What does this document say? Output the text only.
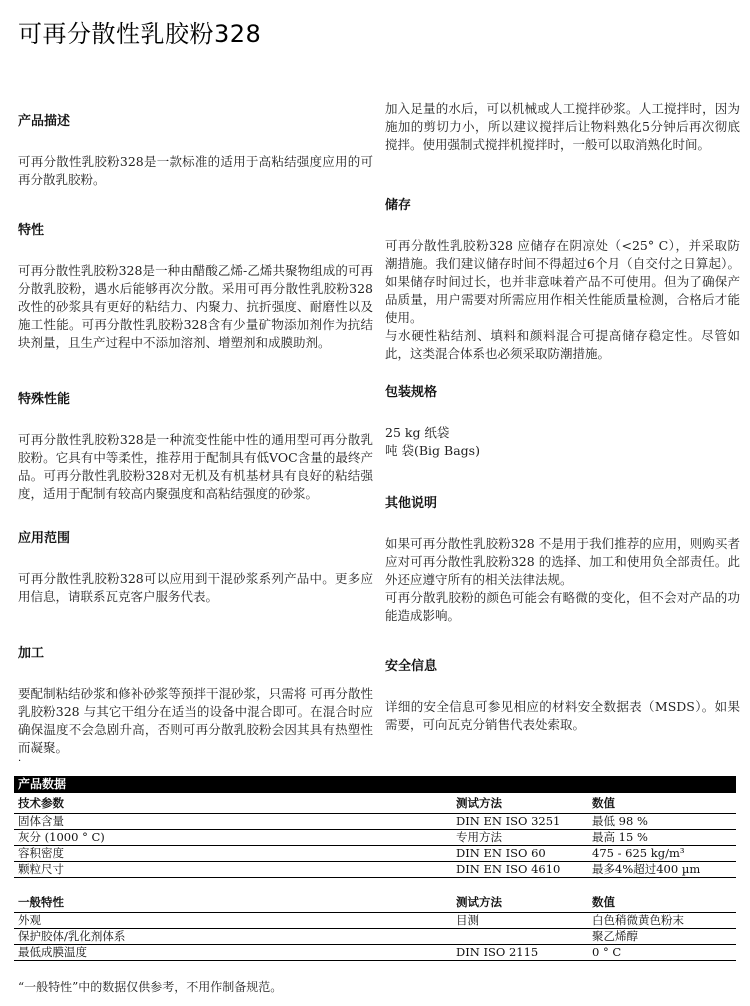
可再分散性乳胶粉328
产品描述

可再分散性乳胶粉328是一款标准的适用于高粘结强度应用的可再分散乳胶粉。

特性

可再分散性乳胶粉328是一种由醋酸乙烯-乙烯共聚物组成的可再分散乳胶粉，遇水后能够再次分散。采用可再分散性乳胶粉328改性的砂浆具有更好的粘结力、内聚力、抗折强度、耐磨性以及施工性能。可再分散性乳胶粉328含有少量矿物添加剂作为抗结块剂量，且生产过程中不添加溶剂、增塑剂和成膜助剂。

特殊性能

可再分散性乳胶粉328是一种流变性能中性的通用型可再分散乳胶粉。它具有中等柔性，推荐用于配制具有低VOC含量的最终产品。可再分散性乳胶粉328对无机及有机基材具有良好的粘结强度，适用于配制有较高内聚强度和高粘结强度的砂浆。

应用范围

可再分散性乳胶粉328可以应用到干混砂浆系列产品中。更多应用信息，请联系瓦克客户服务代表。

加工

要配制粘结砂浆和修补砂浆等预拌干混砂浆，只需将 可再分散性乳胶粉328 与其它干组分在适当的设备中混合即可。在混合时应确保温度不会急剧升高，否则可再分散乳胶粉会因其具有热塑性而凝聚。

加入足量的水后，可以机械或人工搅拌砂浆。人工搅拌时，因为施加的剪切力小，所以建议搅拌后让物料熟化5分钟后再次彻底搅拌。使用强制式搅拌机搅拌时，一般可以取消熟化时间。

储存

可再分散性乳胶粉328 应储存在阴凉处（<25° C），并采取防潮措施。我们建议储存时间不得超过6个月（自交付之日算起）。如果储存时间过长，也并非意味着产品不可使用。但为了确保产品质量，用户需要对所需应用作相关性能质量检测，合格后才能使用。

与水硬性粘结剂、填料和颜料混合可提高储存稳定性。尽管如此，这类混合体系也必须采取防潮措施。

包装规格

25 kg 纸袋

吨 袋(Big Bags)

其他说明

如果可再分散性乳胶粉328 不是用于我们推荐的应用，则购买者应对可再分散性乳胶粉328 的选择、加工和使用负全部责任。此外还应遵守所有的相关法律法规。

可再分散乳胶粉的颜色可能会有略微的变化，但不会对产品的功能造成影响。

安全信息

详细的安全信息可参见相应的材料安全数据表（MSDS）。如果需要，可向瓦克分销售代表处索取。

·
产品数据
技术参数	测试方法	数值
固体含量	DIN EN ISO 3251	最低 98 %
灰分 (1000 ° C)	专用方法	最高 15 %
容积密度	DIN EN ISO 60	475 - 625 kg/m³
颗粒尺寸	DIN EN ISO 4610	最多4%超过400 µm
一般特性	测试方法	数值
外观	目测	白色稍微黄色粉末
保护胶体/乳化剂体系		聚乙烯醇
最低成膜温度	DIN ISO 2115	0 ° C
“一般特性”中的数据仅供参考，不用作制备规范。
